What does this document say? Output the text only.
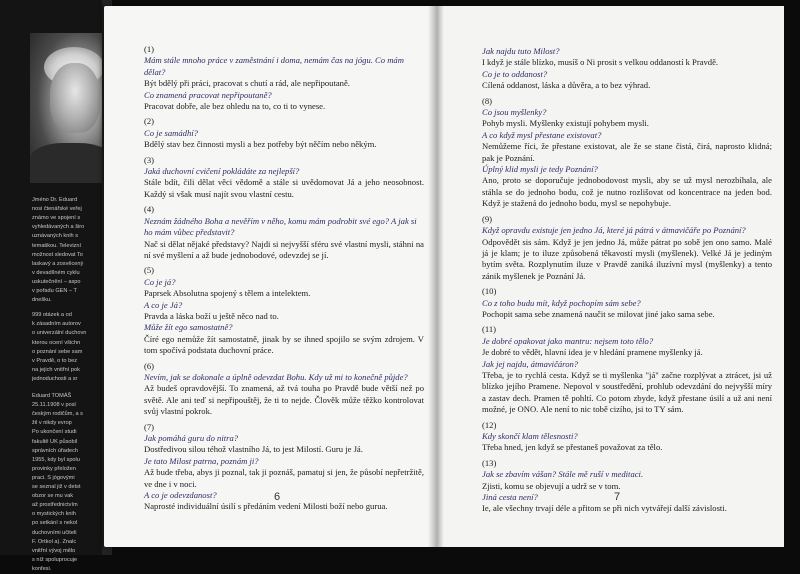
Jméno Dr. Eduard
nosi čtenářské veřej
známo ve spojení s
vyhledávaných a širo
uznávaných knih s
tematikou. Televizní
možnost sledovat To
laskavý a zosvěcený
v devadílném cyklu
uskutečnění – aspo
v pořadu GEN – T
dnešku.
999 otázek a od
k zásadním autorov
o univerzální duchovn
kterou ocení všichn
o poznání sebe sam
v Pravdě, o to bez
na jejich vnitřní pok
jednoduchosti a sr
Eduard TOMÁŠ
25.11.1908 v posl
českým rodičům, a s
žil v nikdy evrop
Po ukončení studi
fakultě UK působil
správních úřadech
1955, kdy byl spolu
provinky přeložen
praci. S jógovými
se seznal již v detst
obzor se mu vak
až prostřednictvím
o mystických knih
po setkání s nekol
duchovními učiteli
F. Ortkol a). Znalc
vnitřní vývoj mělo
s níž spoluprocuje
konfesi.
(1)
Mám stále mnoho práce v zaměstnání i doma, nemám čas na jógu. Co mám dělat?
Být bdělý při práci, pracovat s chutí a rád, ale nepřipoutaně.
Co znamená pracovat nepřipoutaně?
Pracovat dobře, ale bez ohledu na to, co ti to vynese.
(2)
Co je samádhí?
Bdělý stav bez činnosti mysli a bez potřeby být něčím nebo někým.
(3)
Jaká duchovní cvičení pokládáte za nejlepší?
Stále bdít, čili dělat věci vědomě a stále si uvědomovat Já a jeho neosobnost. Každý si však musí najít svou vlastní cestu.
(4)
Neznám žádného Boha a nevěřím v něho, komu mám podrobit své ego? A jak si ho mám vůbec představit?
Nač si dělat nějaké představy? Najdi si nejvyšší sféru své vlastní mysli, stáhni na ní své myšlení a až bude jednobodové, odevzdej se jí.
(5)
Co je já?
Paprsek Absolutna spojený s tělem a intelektem.
A co je Já?
Pravda a láska boží u ještě něco nad to.
Může žít ego samostatně?
Číré ego nemůže žít samostatně, jinak by se ihned spojilo se svým zdrojem. V tom spočívá podstata duchovní práce.
(6)
Nevím, jak se dokonale a úplně odevzdat Bohu. Kdy už mi to konečně půjde?
Až budeš opravdovější. To znamená, až tvá touha po Pravdě bude větší než po světě. Ale ani teď si nepřipouštěj, že ti to nejde. Člověk může těžko kontrolovat svůj vlastní pokrok.
(7)
Jak pomáhá guru do nitra?
Dostředivou silou téhož vlastního Já, to jest Milostí. Guru je Já.
Je tato Milost patrna, poznám ji?
Až bude třeba, abys ji poznal, tak ji poznáš, pamatuj si jen, že působí nepřetržitě, ve dne i v noci.
A co je odevzdanost?
Naprosté individuální úsilí s předáním vedení Milosti boží nebo guruа.
6
Jak najdu tuto Milost?
I když je stále blízko, musíš o Ni prosit s velkou oddaností k Pravdě.
Co je to oddanost?
Cílená oddanost, láska a důvěra, a to bez výhrad.
(8)
Co jsou myšlenky?
Pohyb mysli. Myšlenky existují pohybem mysli.
A co když mysl přestane existovat?
Nemůžeme říci, že přestane existovat, ale že se stane čistá, čirá, naprosto klidná; pak je Poznání.
Úplný klid mysli je tedy Poznání?
Ano, proto se doporučuje jednobodovost mysli, aby se už mysl nerozbíhala, ale stáhla se do jednoho bodu, což je nutno rozlišovat od koncentrace na jeden bod. Když je stažená do jednoho bodu, mysl se nepohybuje.
(9)
Když opravdu existuje jen jedno Já, které já pátrá v átmavičáře po Poznání?
Odpovědět sis sám. Když je jen jedno Já, může pátrat po sobě jen ono samo. Malé já je klam; je to iluze způsobená těkavostí mysli (myšlenek). Velké Já je jediným bytím světa. Rozplynutím iluze v Pravdě zaniká iluzívní mysl (myšlenky) a tento zánik myšlenek je Poznání Já.
(10)
Co z toho budu mít, když pochopím sám sebe?
Pochopit sama sebe znamená naučit se milovat jiné jako sama sebe.
(11)
Je dobré opakovat jako mantru: nejsem toto tělo?
Je dobré to vědět, hlavní idea je v hledání pramene myšlenky já.
Jak jej najdu, átmavičáron?
Třeba, je to rychlá cesta. Když se ti myšlenka "já" začne rozplývat a ztrácet, jsi už blízko jejího Pramene. Nepovol v soustředění, prohlub odevzdání do nejvyšší míry a zastav dech. Pramen tě pohltí. Co potom zbyde, když přestane úsilí a už ani není možné, je ONO. Ale není to nic tobě cizího, jsi to TY sám.
(12)
Kdy skončí klam tělesnosti?
Třeba hned, jen když se přestaneš považovat za tělo.
(13)
Jak se zbavím vášan? Stále mě ruší v meditaci.
Zjisti, komu se objevují a udrž se v tom.
Jiná cesta není?
Ie, ale všechny trvají déle a přitom se při nich vytvářejí další závislosti.
7
